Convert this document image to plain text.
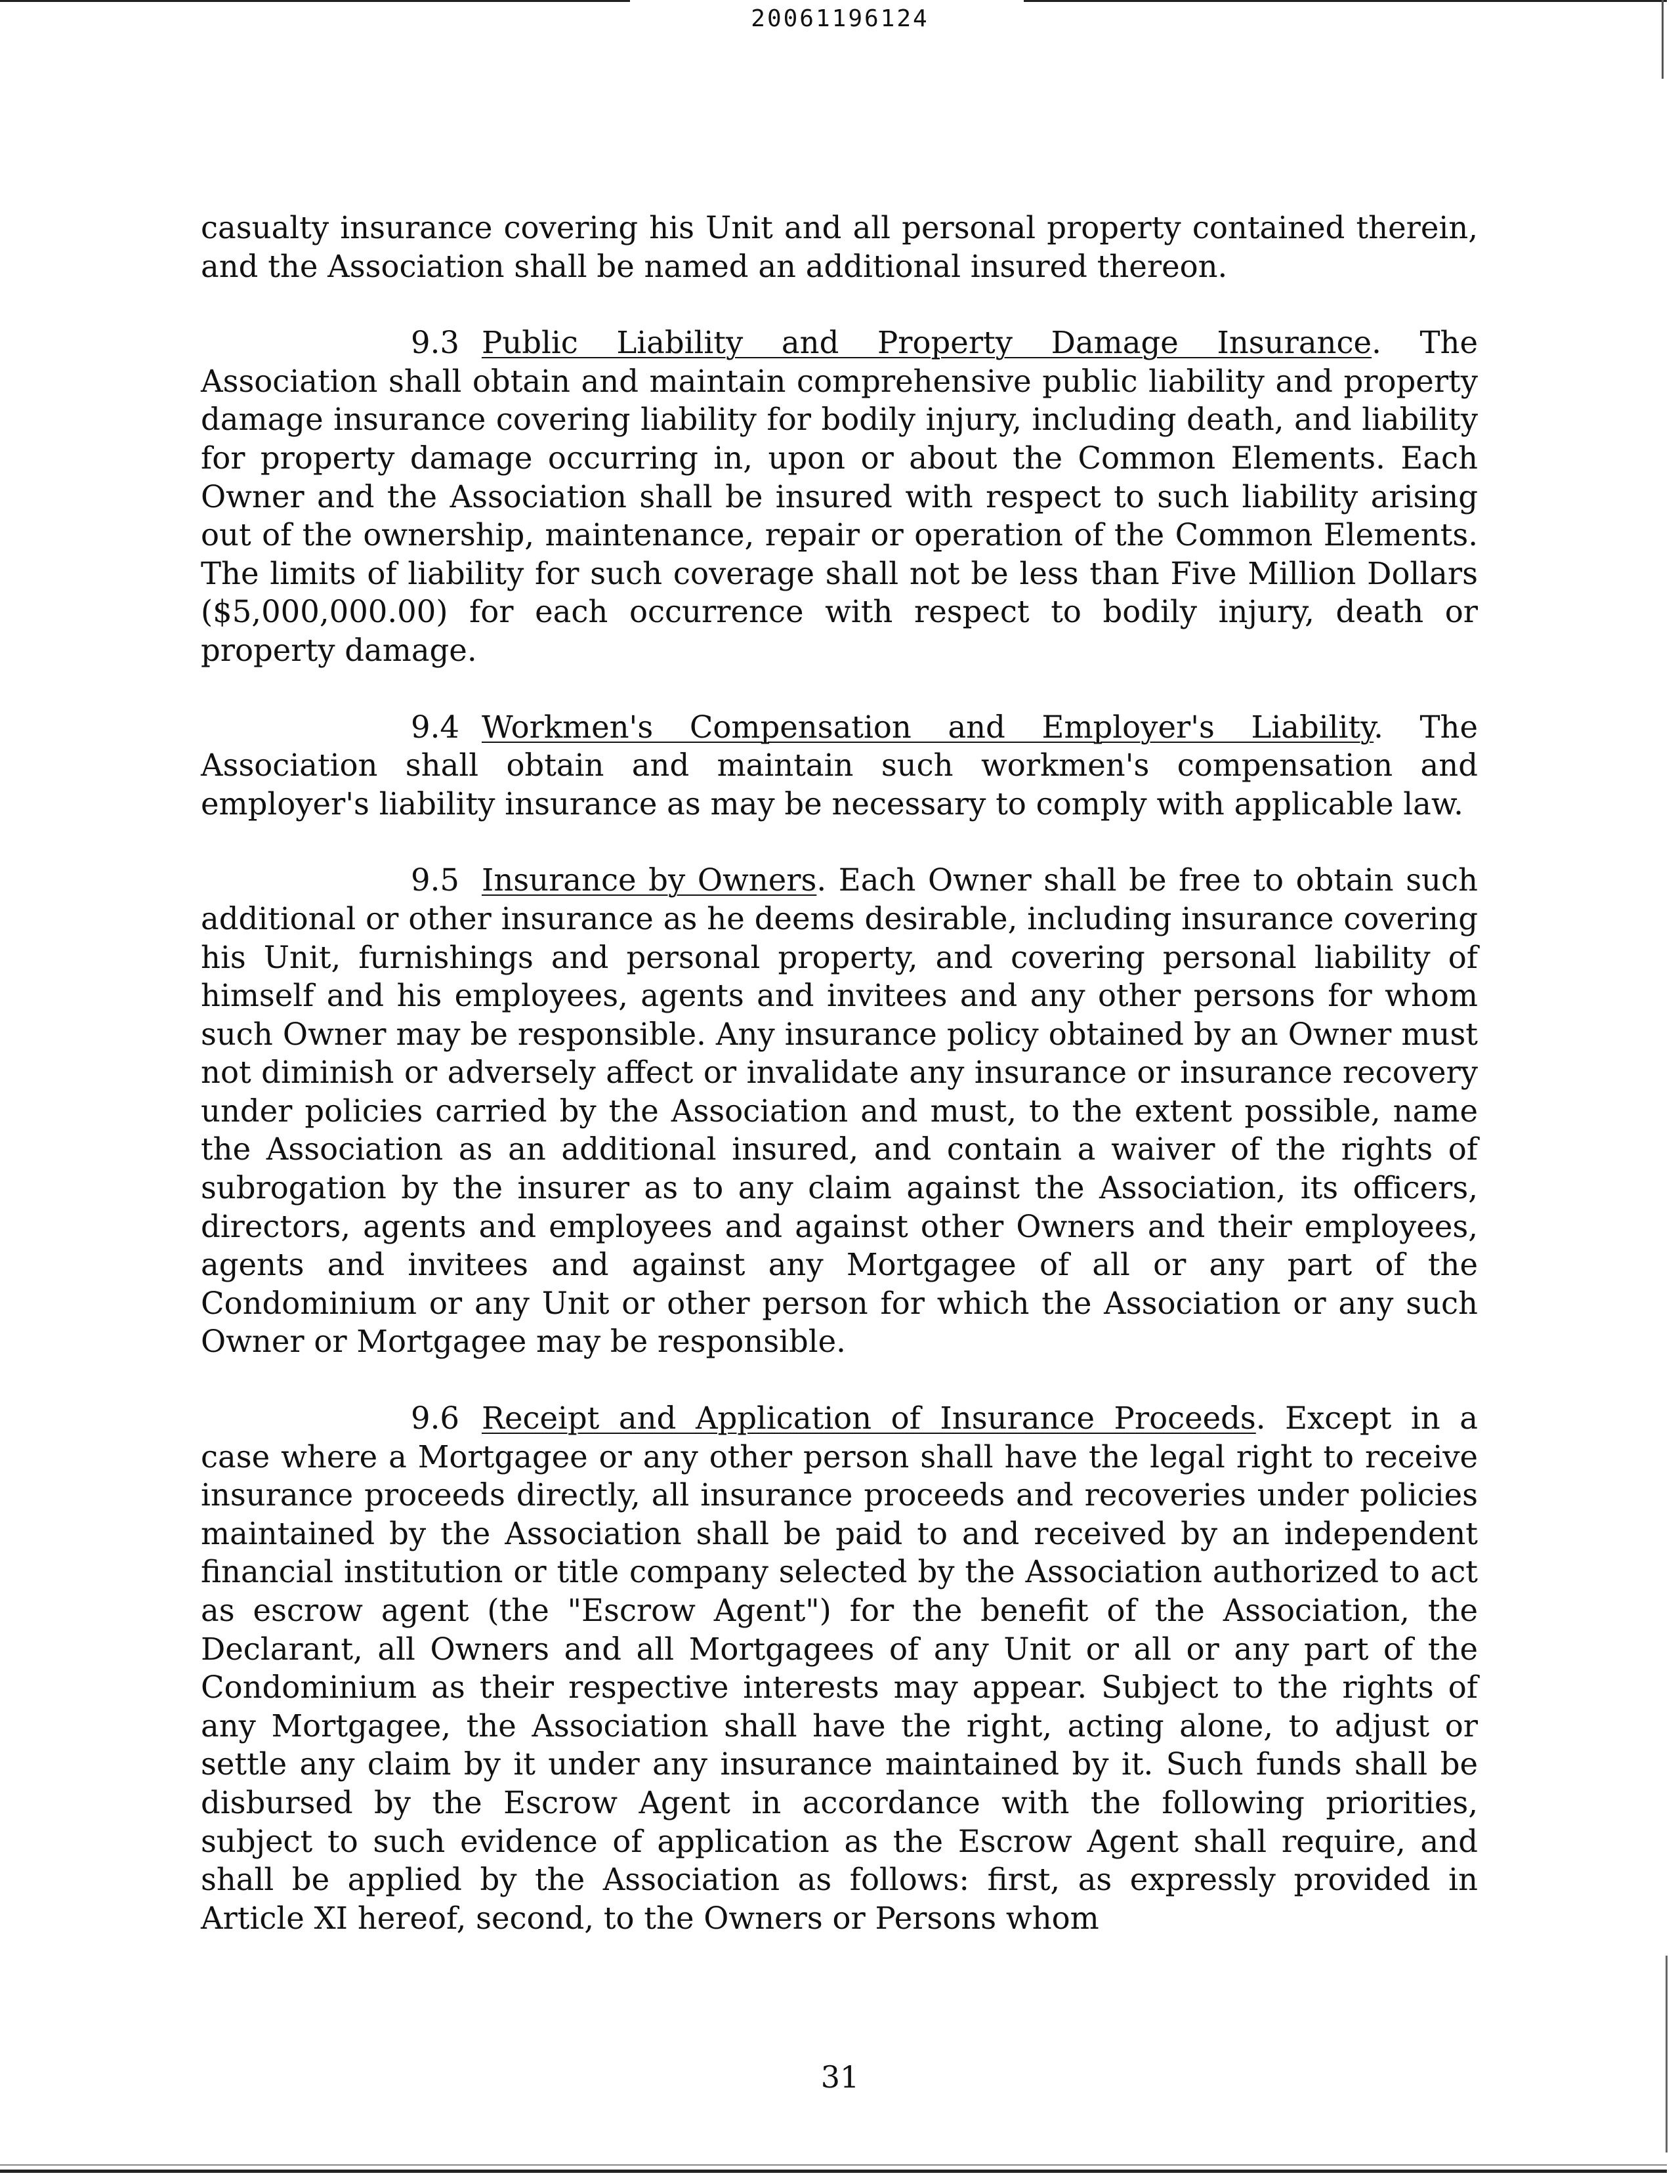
20061196124

casualty insurance covering his Unit and all personal property contained therein, and the Association shall be named an additional insured thereon.

9.3 Public Liability and Property Damage Insurance. The Association shall obtain and maintain comprehensive public liability and property damage insurance covering liability for bodily injury, including death, and liability for property damage occurring in, upon or about the Common Elements. Each Owner and the Association shall be insured with respect to such liability arising out of the ownership, maintenance, repair or operation of the Common Elements. The limits of liability for such coverage shall not be less than Five Million Dollars ($5,000,000.00) for each occurrence with respect to bodily injury, death or property damage.

9.4 Workmen's Compensation and Employer's Liability. The Association shall obtain and maintain such workmen's compensation and employer's liability insurance as may be necessary to comply with applicable law.

9.5 Insurance by Owners. Each Owner shall be free to obtain such additional or other insurance as he deems desirable, including insurance covering his Unit, furnishings and personal property, and covering personal liability of himself and his employees, agents and invitees and any other persons for whom such Owner may be responsible. Any insurance policy obtained by an Owner must not diminish or adversely affect or invalidate any insurance or insurance recovery under policies carried by the Association and must, to the extent possible, name the Association as an additional insured, and contain a waiver of the rights of subrogation by the insurer as to any claim against the Association, its officers, directors, agents and employees and against other Owners and their employees, agents and invitees and against any Mortgagee of all or any part of the Condominium or any Unit or other person for which the Association or any such Owner or Mortgagee may be responsible.

9.6 Receipt and Application of Insurance Proceeds. Except in a case where a Mortgagee or any other person shall have the legal right to receive insurance proceeds directly, all insurance proceeds and recoveries under policies maintained by the Association shall be paid to and received by an independent financial institution or title company selected by the Association authorized to act as escrow agent (the "Escrow Agent") for the benefit of the Association, the Declarant, all Owners and all Mortgagees of any Unit or all or any part of the Condominium as their respective interests may appear. Subject to the rights of any Mortgagee, the Association shall have the right, acting alone, to adjust or settle any claim by it under any insurance maintained by it. Such funds shall be disbursed by the Escrow Agent in accordance with the following priorities, subject to such evidence of application as the Escrow Agent shall require, and shall be applied by the Association as follows: first, as expressly provided in Article XI hereof, second, to the Owners or Persons whom

31
